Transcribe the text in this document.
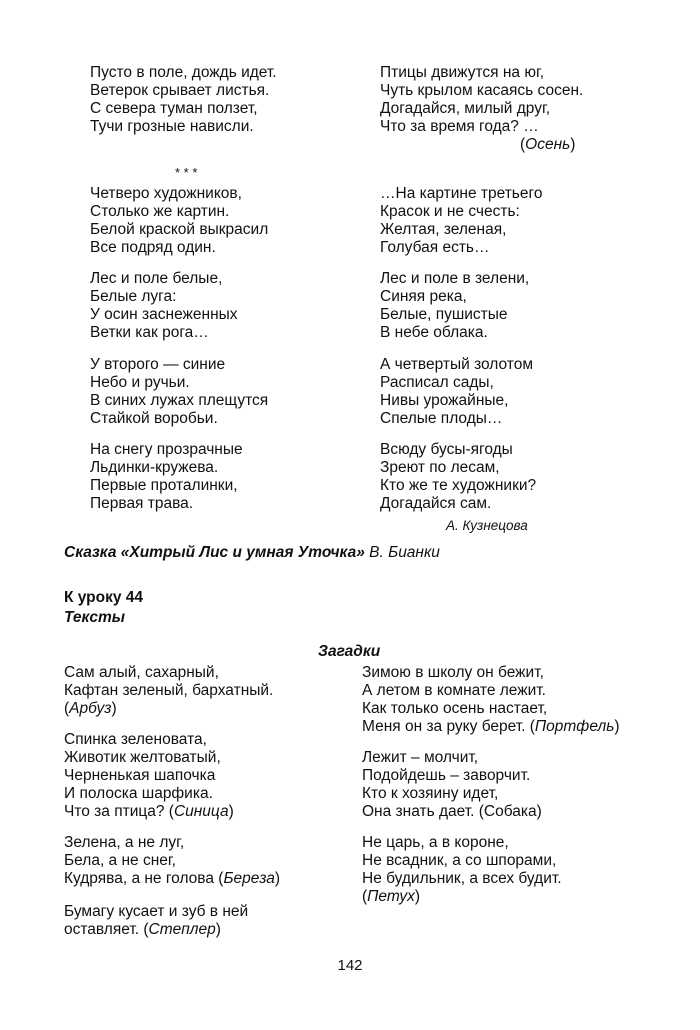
Пусто в поле, дождь идет.
Ветерок срывает листья.
С севера туман ползет,
Тучи грозные нависли.
Птицы движутся на юг,
Чуть крылом касаясь сосен.
Догадайся, милый друг,
Что за время года? …
(Осень)
* * *
Четверо художников,
Столько же картин.
Белой краской выкрасил
Все подряд один.
Лес и поле белые,
Белые луга:
У осин заснеженных
Ветки как рога…
У второго — синие
Небо и ручьи.
В синих лужах плещутся
Стайкой воробьи.
На снегу прозрачные
Льдинки-кружева.
Первые проталинки,
Первая трава.
…На картине третьего
Красок и не счесть:
Желтая, зеленая,
Голубая есть…
Лес и поле в зелени,
Синяя река,
Белые, пушистые
В небе облака.
А четвертый золотом
Расписал сады,
Нивы урожайные,
Спелые плоды…
Всюду бусы-ягоды
Зреют по лесам,
Кто же те художники?
Догадайся сам.
А. Кузнецова
Сказка «Хитрый Лис и умная Уточка» В. Бианки
К уроку 44
Тексты
Загадки
Сам алый, сахарный,
Кафтан зеленый, бархатный.
(Арбуз)
Спинка зеленовата,
Животик желтоватый,
Черненькая шапочка
И полоска шарфика.
Что за птица? (Синица)
Зелена, а не луг,
Бела, а не снег,
Кудрява, а не голова (Береза)
Бумагу кусает и зуб в ней
оставляет. (Степлер)
Зимою в школу он бежит,
А летом в комнате лежит.
Как только осень настает,
Меня он за руку берет. (Портфель)
Лежит – молчит,
Подойдешь – заворчит.
Кто к хозяину идет,
Она знать дает. (Собака)
Не царь, а в короне,
Не всадник, а со шпорами,
Не будильник, а всех будит.
(Петух)
142
